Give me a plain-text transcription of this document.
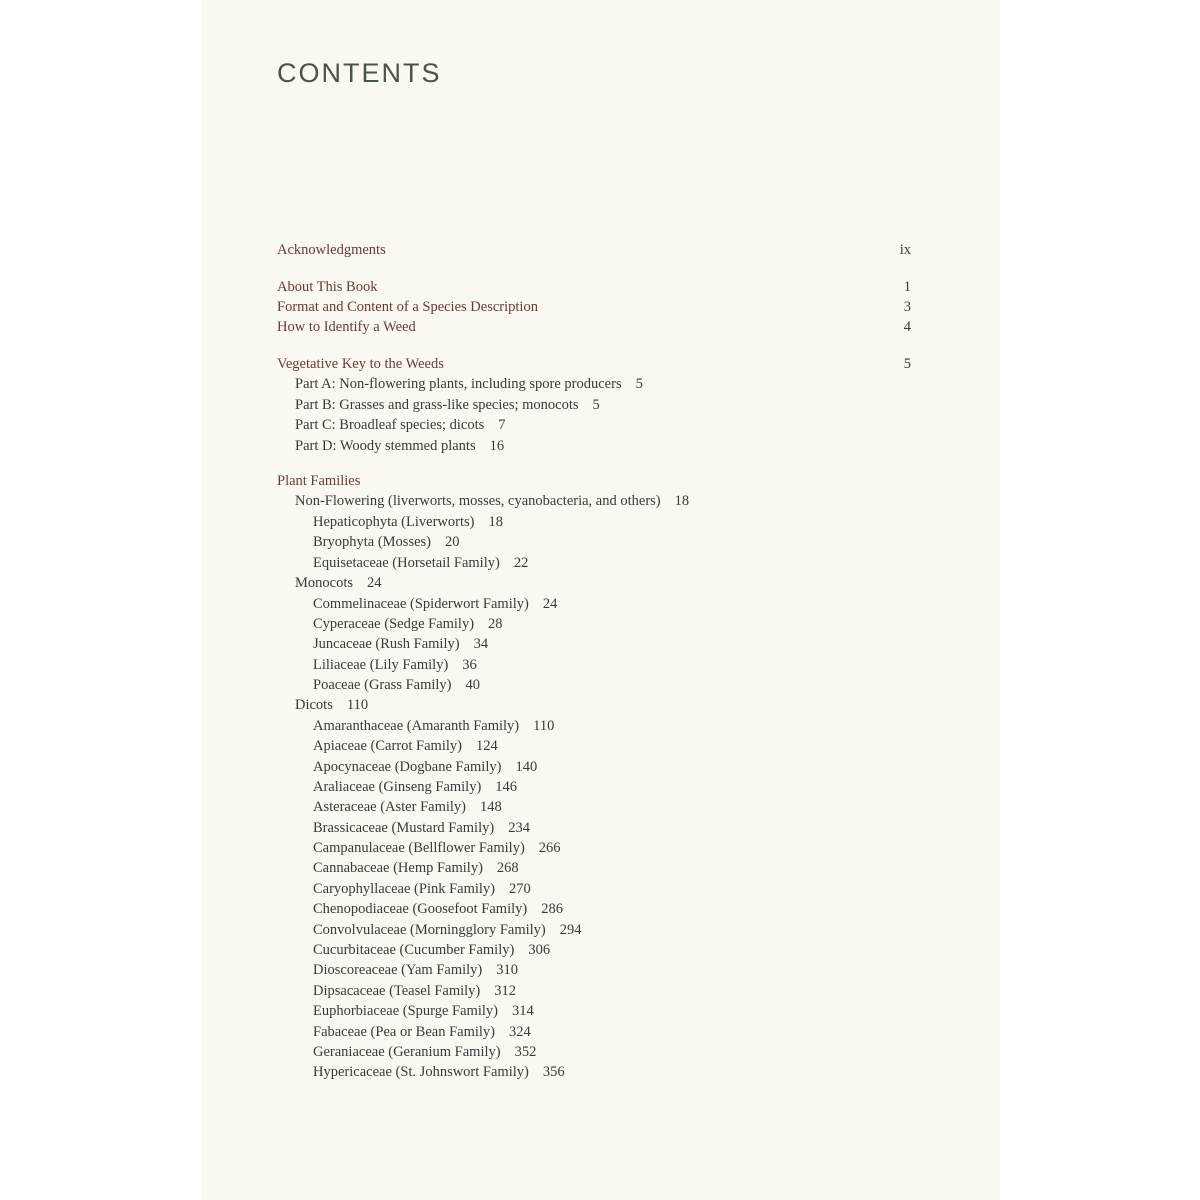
CONTENTS
Acknowledgments	ix
About This Book	1
Format and Content of a Species Description	3
How to Identify a Weed	4
Vegetative Key to the Weeds	5
Part A: Non-flowering plants, including spore producers 5
Part B: Grasses and grass-like species; monocots 5
Part C: Broadleaf species; dicots 7
Part D: Woody stemmed plants 16
Plant Families
Non-Flowering (liverworts, mosses, cyanobacteria, and others) 18
Hepaticophyta (Liverworts) 18
Bryophyta (Mosses) 20
Equisetaceae (Horsetail Family) 22
Monocots 24
Commelinaceae (Spiderwort Family) 24
Cyperaceae (Sedge Family) 28
Juncaceae (Rush Family) 34
Liliaceae (Lily Family) 36
Poaceae (Grass Family) 40
Dicots 110
Amaranthaceae (Amaranth Family) 110
Apiaceae (Carrot Family) 124
Apocynaceae (Dogbane Family) 140
Araliaceae (Ginseng Family) 146
Asteraceae (Aster Family) 148
Brassicaceae (Mustard Family) 234
Campanulaceae (Bellflower Family) 266
Cannabaceae (Hemp Family) 268
Caryophyllaceae (Pink Family) 270
Chenopodiaceae (Goosefoot Family) 286
Convolvulaceae (Morningglory Family) 294
Cucurbitaceae (Cucumber Family) 306
Dioscoreaceae (Yam Family) 310
Dipsacaceae (Teasel Family) 312
Euphorbiaceae (Spurge Family) 314
Fabaceae (Pea or Bean Family) 324
Geraniaceae (Geranium Family) 352
Hypericaceae (St. Johnswort Family) 356
